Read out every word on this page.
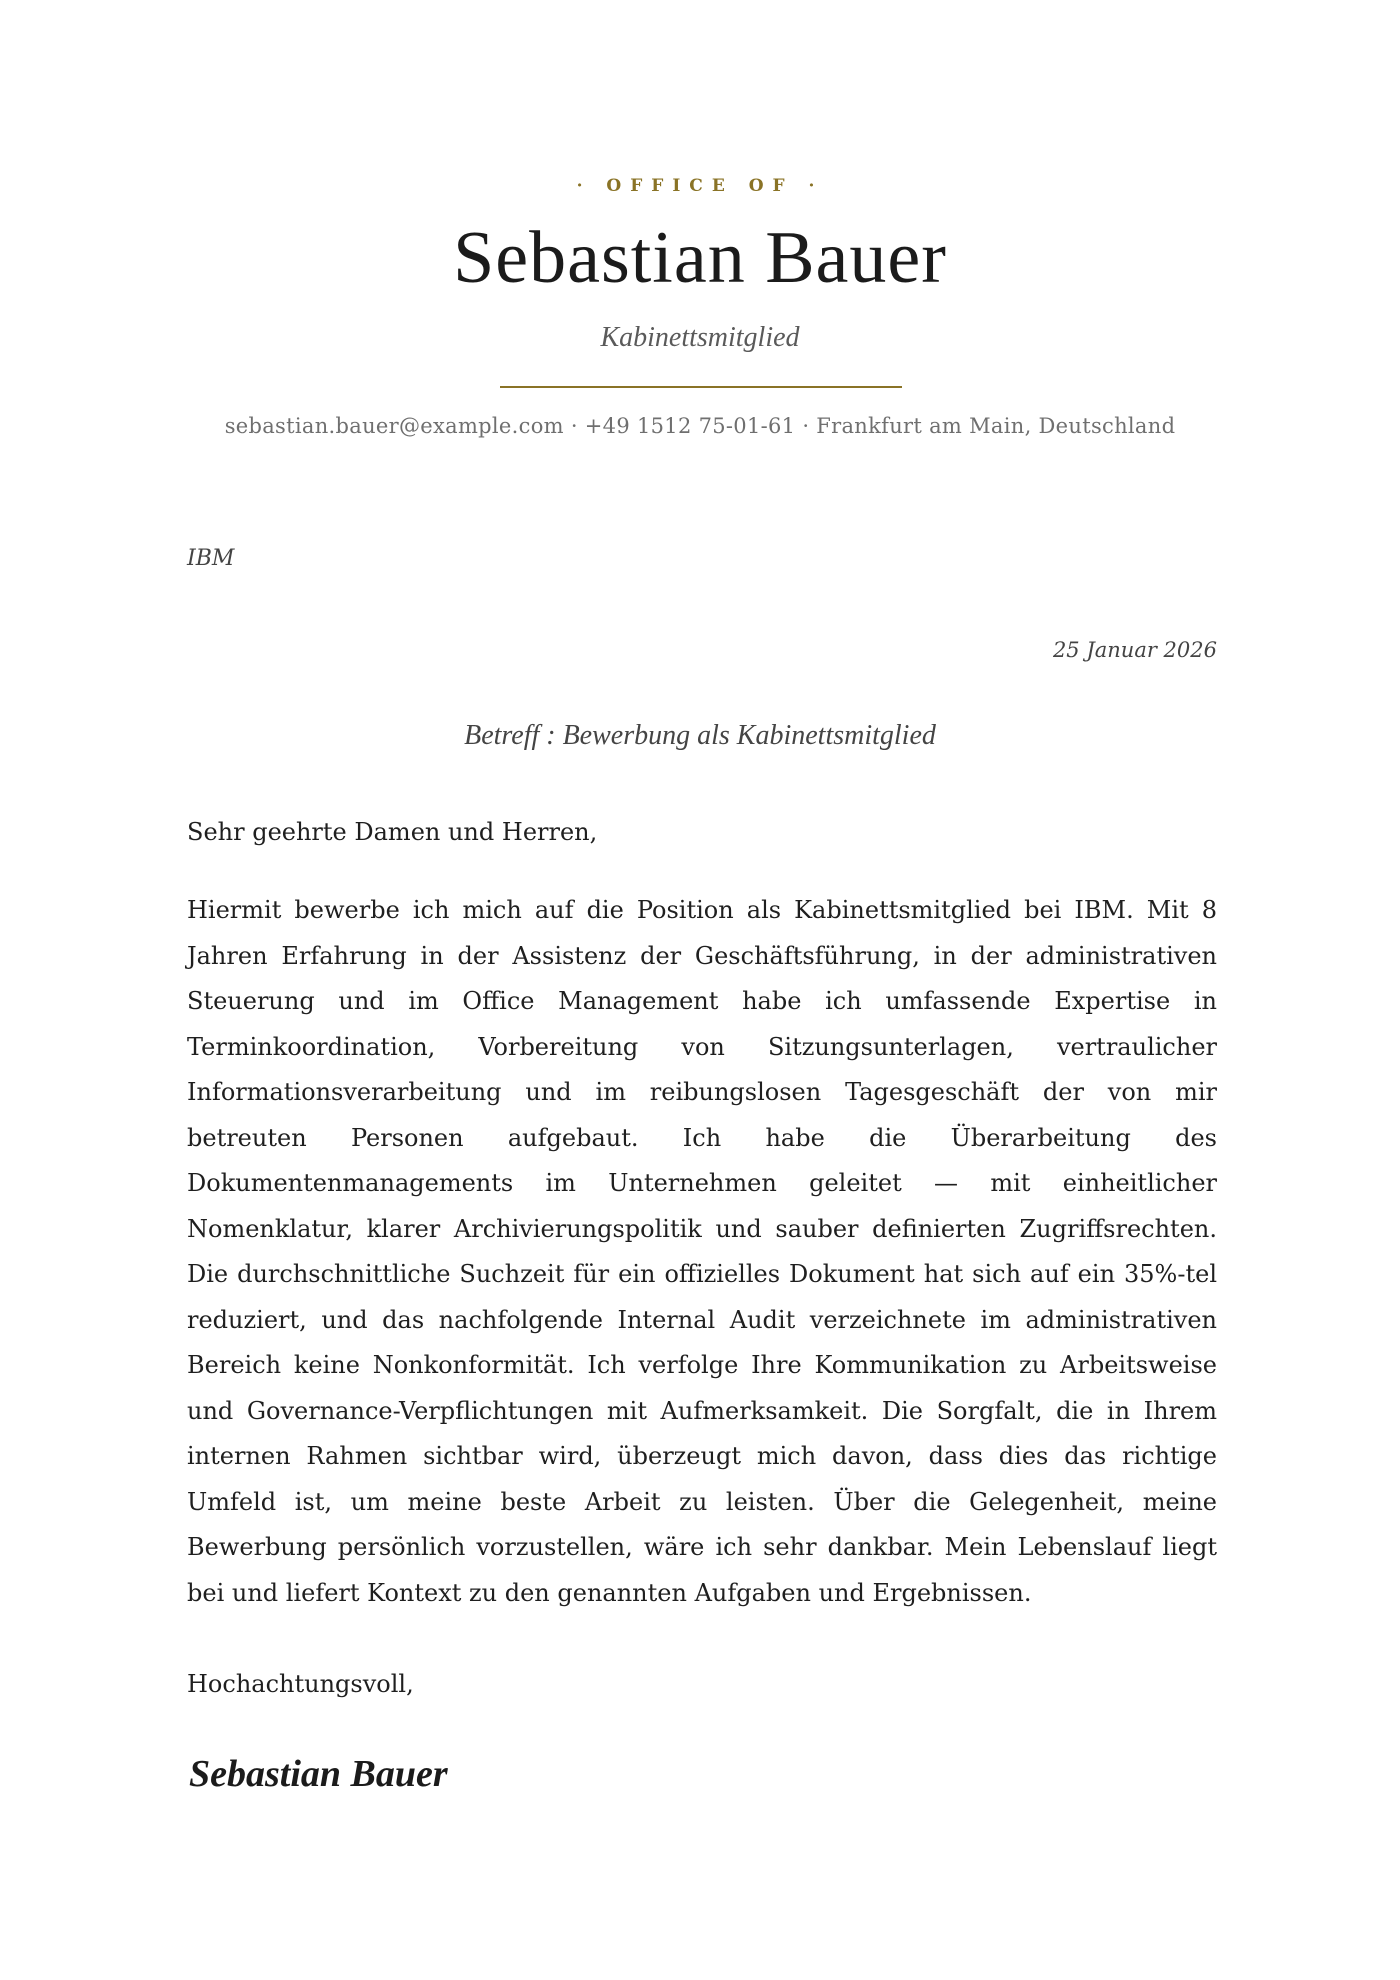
· OFFICE OF ·
Sebastian Bauer
Kabinettsmitglied
sebastian.bauer@example.com · +49 1512 75-01-61 · Frankfurt am Main, Deutschland
IBM
25 Januar 2026
Betreff : Bewerbung als Kabinettsmitglied
Sehr geehrte Damen und Herren,

Hiermit bewerbe ich mich auf die Position als Kabinettsmitglied bei IBM. Mit 8 Jahren Erfahrung in der Assistenz der Geschäftsführung, in der administrativen Steuerung und im Office Management habe ich umfassende Expertise in Terminkoordination, Vorbereitung von Sitzungsunterlagen, vertraulicher Informationsverarbeitung und im reibungslosen Tagesgeschäft der von mir betreuten Personen aufgebaut. Ich habe die Überarbeitung des Dokumentenmanagements im Unternehmen geleitet — mit einheitlicher Nomenklatur, klarer Archivierungspolitik und sauber definierten Zugriffsrechten. Die durchschnittliche Suchzeit für ein offizielles Dokument hat sich auf ein 35%-tel reduziert, und das nachfolgende Internal Audit verzeichnete im administrativen Bereich keine Nonkonformität. Ich verfolge Ihre Kommunikation zu Arbeitsweise und Governance-Verpflichtungen mit Aufmerksamkeit. Die Sorgfalt, die in Ihrem internen Rahmen sichtbar wird, überzeugt mich davon, dass dies das richtige Umfeld ist, um meine beste Arbeit zu leisten. Über die Gelegenheit, meine Bewerbung persönlich vorzustellen, wäre ich sehr dankbar. Mein Lebenslauf liegt bei und liefert Kontext zu den genannten Aufgaben und Ergebnissen.

Hochachtungsvoll,
Sebastian Bauer
